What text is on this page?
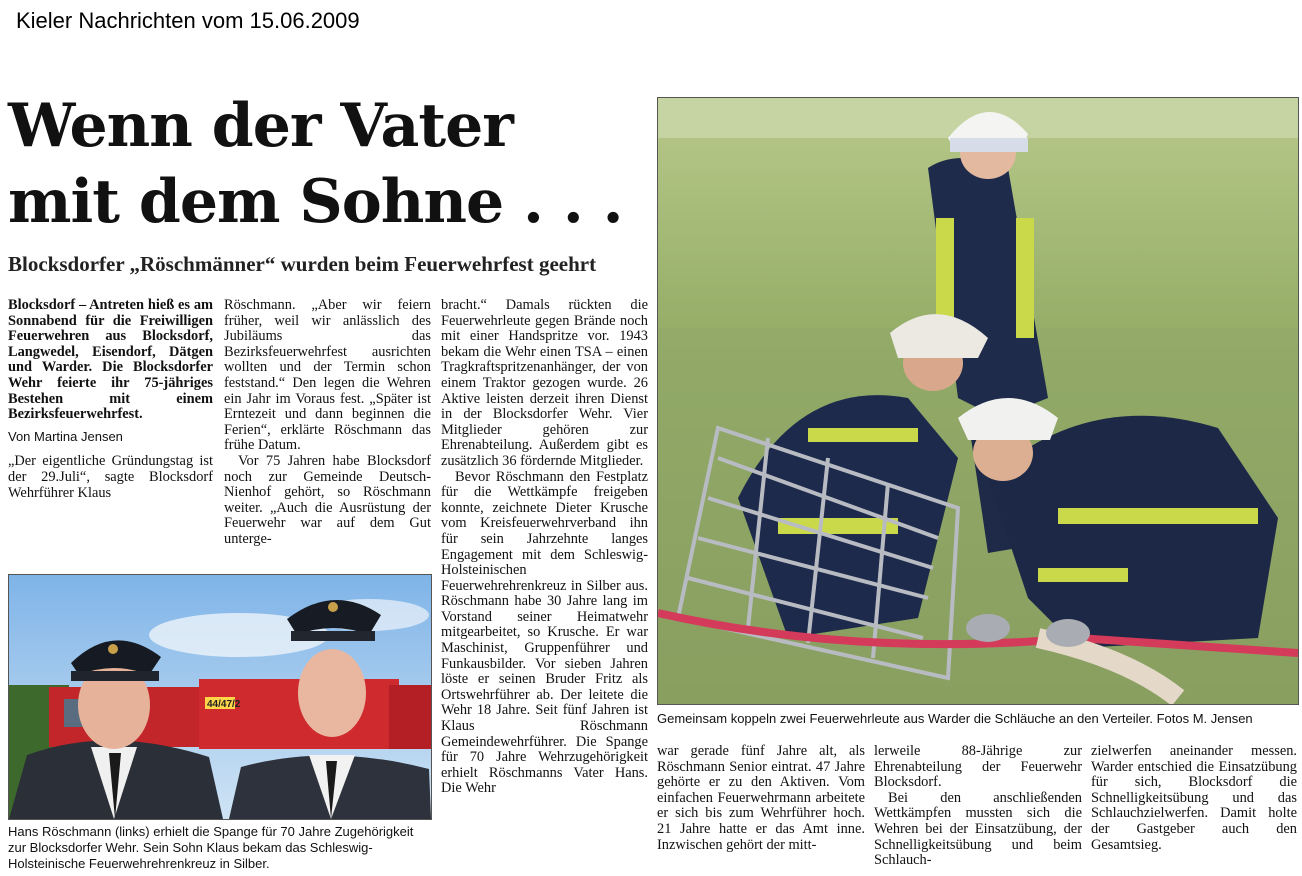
Kieler Nachrichten vom 15.06.2009
Wenn der Vater
mit dem Sohne . . .
Blocksdorfer „Röschmänner“ wurden beim Feuerwehrfest geehrt

Blocksdorf – Antreten hieß es am Sonnabend für die Freiwilligen Feuerwehren aus Blocksdorf, Langwedel, Eisendorf, Dätgen und Warder. Die Blocksdorfer Wehr feierte ihr 75-jähriges Bestehen mit einem Bezirksfeuerwehrfest.

Von Martina Jensen

„Der eigentliche Gründungstag ist der 29.Juli“, sagte Blocksdorf Wehrführer Klaus

Röschmann. „Aber wir feiern früher, weil wir anlässlich des Jubiläums das Bezirksfeuerwehrfest ausrichten wollten und der Termin schon feststand.“ Den legen die Wehren ein Jahr im Voraus fest. „Später ist Erntezeit und dann beginnen die Ferien“, erklärte Röschmann das frühe Datum.

Vor 75 Jahren habe Blocksdorf noch zur Gemeinde Deutsch-Nienhof gehört, so Röschmann weiter. „Auch die Ausrüstung der Feuerwehr war auf dem Gut unterge-

bracht.“ Damals rückten die Feuerwehrleute gegen Brände noch mit einer Handspritze vor. 1943 bekam die Wehr einen TSA – einen Tragkraftspritzenanhänger, der von einem Traktor gezogen wurde. 26 Aktive leisten derzeit ihren Dienst in der Blocksdorfer Wehr. Vier Mitglieder gehören zur Ehrenabteilung. Außerdem gibt es zusätzlich 36 fördernde Mitglieder.

Bevor Röschmann den Festplatz für die Wettkämpfe freigeben konnte, zeichnete Dieter Krusche vom Kreisfeuerwehrverband ihn für sein Jahrzehnte langes Engagement mit dem Schleswig-Holsteinischen Feuerwehrehrenkreuz in Silber aus. Röschmann habe 30 Jahre lang im Vorstand seiner Heimatwehr mitgearbeitet, so Krusche. Er war Maschinist, Gruppenführer und Funkausbilder. Vor sieben Jahren löste er seinen Bruder Fritz als Ortswehrführer ab. Der leitete die Wehr 18 Jahre. Seit fünf Jahren ist Klaus Röschmann Gemeindewehrführer. Die Spange für 70 Jahre Wehrzugehörigkeit erhielt Röschmanns Vater Hans. Die Wehr

44/47/2
Hans Röschmann (links) erhielt die Spange für 70 Jahre Zugehörigkeit zur Blocksdorfer Wehr. Sein Sohn Klaus bekam das Schleswig-Holsteinische Feuerwehrehrenkreuz in Silber.
Gemeinsam koppeln zwei Feuerwehrleute aus Warder die Schläuche an den Verteiler. Fotos M. Jensen

war gerade fünf Jahre alt, als Röschmann Senior eintrat. 47 Jahre gehörte er zu den Aktiven. Vom einfachen Feuerwehrmann arbeitete er sich bis zum Wehrführer hoch. 21 Jahre hatte er das Amt inne. Inzwischen gehört der mitt-

lerweile 88-Jährige zur Ehrenabteilung der Feuerwehr Blocksdorf.

Bei den anschließenden Wettkämpfen mussten sich die Wehren bei der Einsatzübung, der Schnelligkeitsübung und beim Schlauch-

zielwerfen aneinander messen. Warder entschied die Einsatzübung für sich, Blocksdorf die Schnelligkeitsübung und das Schlauchzielwerfen. Damit holte der Gastgeber auch den Gesamtsieg.
